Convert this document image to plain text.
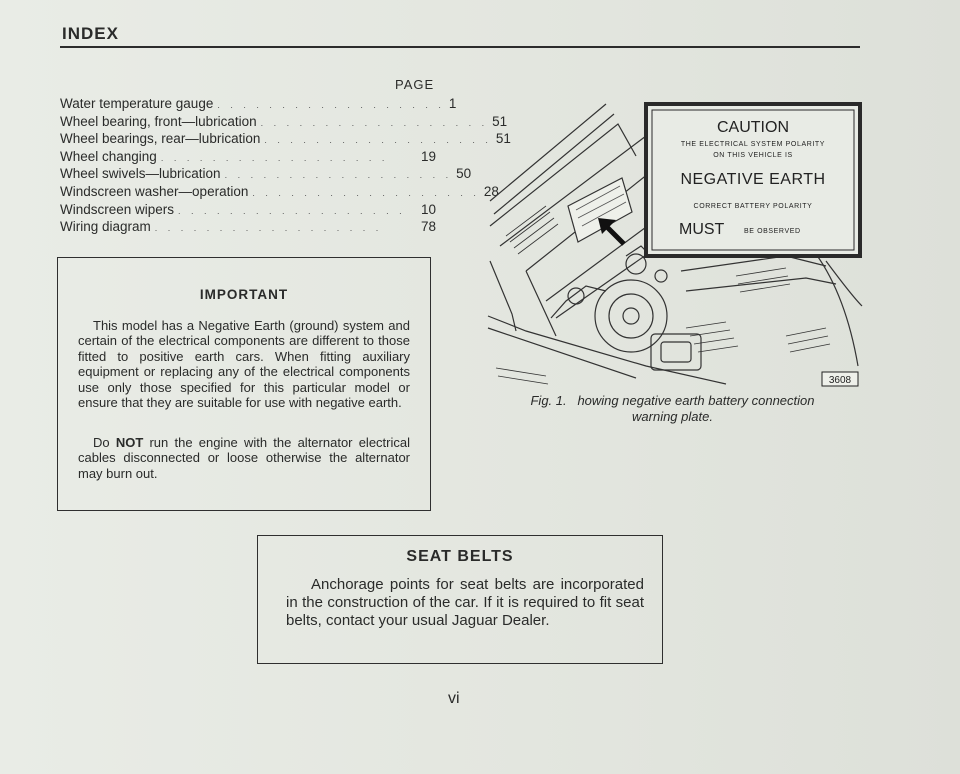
INDEX
PAGE
Water temperature gauge . . . . . . . . . . . . . . . . . . 1
Wheel bearing, front—lubrication . . . . . . . . . . . . . . . . . . 51
Wheel bearings, rear—lubrication . . . . . . . . . . . . . . . . . . 51
Wheel changing . . . . . . . . . . . . . . . . . .	19
Wheel swivels—lubrication . . . . . . . . . . . . . . . . . . 50
Windscreen washer—operation . . . . . . . . . . . . . . . . . . 28
Windscreen wipers . . . . . . . . . . . . . . . . . .	10
Wiring diagram . . . . . . . . . . . . . . . . . .	78
IMPORTANT

This model has a Negative Earth (ground) system and certain of the electrical components are different to those fitted to positive earth cars. When fitting auxiliary equipment or replacing any of the electrical components use only those specified for this particular model or ensure that they are suitable for use with negative earth.

Do NOT run the engine with the alternator electrical cables disconnected or loose otherwise the alternator may burn out.

SEAT BELTS

Anchorage points for seat belts are incorporated in the construction of the car. If it is required to fit seat belts, contact your usual Jaguar Dealer.

CAUTION
THE ELECTRICAL SYSTEM POLARITY
ON THIS VEHICLE IS
NEGATIVE EARTH
CORRECT BATTERY POLARITY
MUST	BE OBSERVED
3608
Fig. 1.   howing negative earth battery connection
warning plate.
vi
